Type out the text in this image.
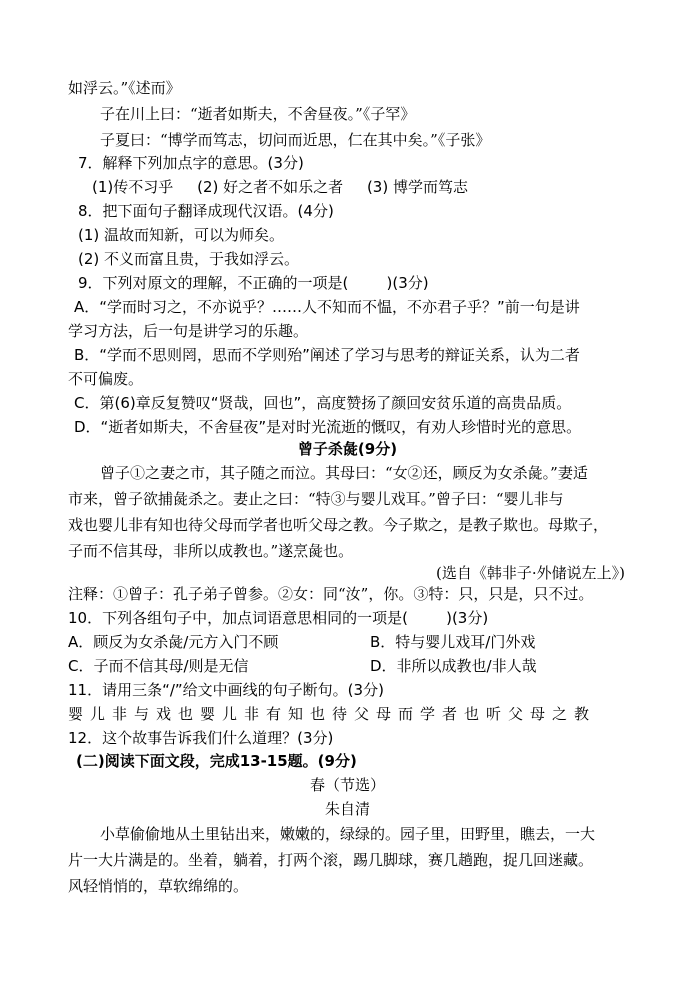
如浮云。”《述而》
子在川上曰：“逝者如斯夫，不舍昼夜。”《子罕》
子夏曰：“博学而笃志，切问而近思，仁在其中矣。”《子张》
7．解释下列加点字的意思。(3分)
(1)传不习乎     (2) 好之者不如乐之者     (3) 博学而笃志
8．把下面句子翻译成现代汉语。(4分)
(1) 温故而知新，可以为师矣。
(2) 不义而富且贵，于我如浮云。
9．下列对原文的理解，不正确的一项是(        )(3分)
A．“学而时习之，不亦说乎？……人不知而不愠，不亦君子乎？”前一句是讲
学习方法，后一句是讲学习的乐趣。
B．“学而不思则罔，思而不学则殆”阐述了学习与思考的辩证关系，认为二者
不可偏废。
C．第(6)章反复赞叹“贤哉，回也”，高度赞扬了颜回安贫乐道的高贵品质。
D．“逝者如斯夫，不舍昼夜”是对时光流逝的慨叹，有劝人珍惜时光的意思。
曾子杀彘(9分)
曾子①之妻之市，其子随之而泣。其母曰：“女②还，顾反为女杀彘。”妻适
市来，曾子欲捕彘杀之。妻止之曰：“特③与婴儿戏耳。”曾子曰：“婴儿非与
戏也婴儿非有知也待父母而学者也听父母之教。今子欺之，是教子欺也。母欺子，
子而不信其母，非所以成教也。”遂烹彘也。
(选自《韩非子·外储说左上》)
注释：①曾子：孔子弟子曾参。②女：同“汝”，你。③特：只，只是，只不过。
10．下列各组句子中，加点词语意思相同的一项是(        )(3分)
A．顾反为女杀彘/元方入门不顾	B．特与婴儿戏耳/门外戏
C．子而不信其母/则是无信	D．非所以成教也/非人哉
11．请用三条“/”给文中画线的句子断句。(3分)
婴儿非与戏也婴儿非有知也待父母而学者也听父母之教
12．这个故事告诉我们什么道理？(3分)
(二)阅读下面文段，完成13-15题。(9分)
春（节选）
朱自清
小草偷偷地从土里钻出来，嫩嫩的，绿绿的。园子里，田野里，瞧去，一大
片一大片满是的。坐着，躺着，打两个滚，踢几脚球，赛几趟跑，捉几回迷藏。
风轻悄悄的，草软绵绵的。
